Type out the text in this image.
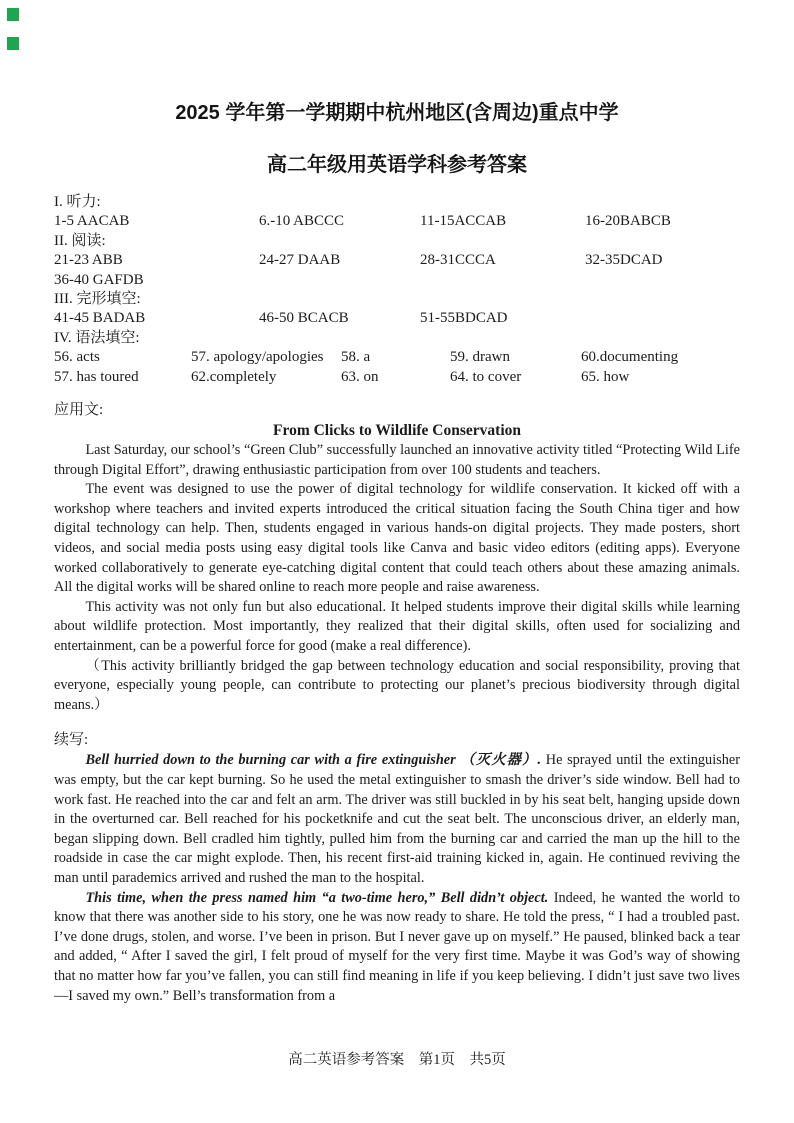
2025 学年第一学期期中杭州地区(含周边)重点中学
高二年级用英语学科参考答案
I. 听力:
1-5 AACAB	6.-10 ABCCC	11-15ACCAB	16-20BABCB
II. 阅读:
21-23 ABB	24-27 DAAB	28-31CCCA	32-35DCAD
36-40 GAFDB
III. 完形填空:
41-45 BADAB	46-50 BCACB	51-55BDCAD
IV. 语法填空:
56. acts	57. apology/apologies	58. a	59. drawn	60.documenting
57. has toured	62.completely	63. on	64. to cover	65. how
应用文:

From Clicks to Wildlife Conservation

Last Saturday, our school’s “Green Club” successfully launched an innovative activity titled “Protecting Wild Life through Digital Effort”, drawing enthusiastic participation from over 100 students and teachers.

The event was designed to use the power of digital technology for wildlife conservation. It kicked off with a workshop where teachers and invited experts introduced the critical situation facing the South China tiger and how digital technology can help. Then, students engaged in various hands-on digital projects. They made posters, short videos, and social media posts using easy digital tools like Canva and basic video editors (editing apps). Everyone worked collaboratively to generate eye-catching digital content that could teach others about these amazing animals. All the digital works will be shared online to reach more people and raise awareness.

This activity was not only fun but also educational. It helped students improve their digital skills while learning about wildlife protection. Most importantly, they realized that their digital skills, often used for socializing and entertainment, can be a powerful force for good (make a real difference).

（This activity brilliantly bridged the gap between technology education and social responsibility, proving that everyone, especially young people, can contribute to protecting our planet’s precious biodiversity through digital means.）

续写:

Bell hurried down to the burning car with a fire extinguisher （灭火器）. He sprayed until the extinguisher was empty, but the car kept burning. So he used the metal extinguisher to smash the driver’s side window. Bell had to work fast. He reached into the car and felt an arm. The driver was still buckled in by his seat belt, hanging upside down in the overturned car. Bell reached for his pocketknife and cut the seat belt. The unconscious driver, an elderly man, began slipping down. Bell cradled him tightly, pulled him from the burning car and carried the man up the hill to the roadside in case the car might explode. Then, his recent first-aid training kicked in, again. He continued reviving the man until parademics arrived and rushed the man to the hospital.

This time, when the press named him “a two-time hero,” Bell didn’t object. Indeed, he wanted the world to know that there was another side to his story, one he was now ready to share. He told the press, “ I had a troubled past. I’ve done drugs, stolen, and worse. I’ve been in prison. But I never gave up on myself.” He paused, blinked back a tear and added, “ After I saved the girl, I felt proud of myself for the very first time. Maybe it was God’s way of showing that no matter how far you’ve fallen, you can still find meaning in life if you keep believing. I didn’t just save two lives—I saved my own.” Bell’s transformation from a

高二英语参考答案　第1页　共5页
